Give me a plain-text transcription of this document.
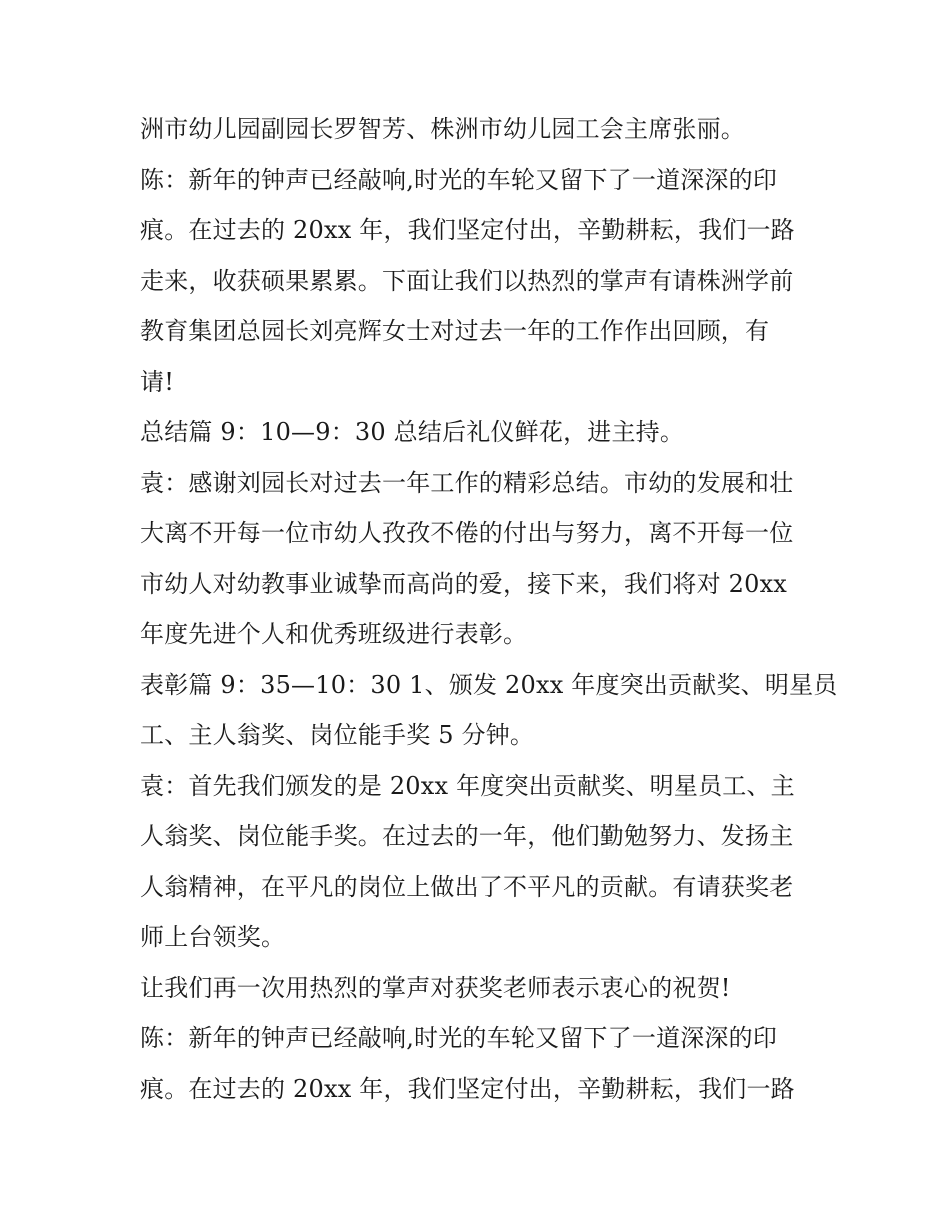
洲市幼儿园副园长罗智芳、株洲市幼儿园工会主席张丽。
陈：新年的钟声已经敲响,时光的车轮又留下了一道深深的印
痕。在过去的 20xx 年，我们坚定付出，辛勤耕耘，我们一路
走来，收获硕果累累。下面让我们以热烈的掌声有请株洲学前
教育集团总园长刘亮辉女士对过去一年的工作作出回顾，有
请!
总结篇 9：10—9：30 总结后礼仪鲜花，进主持。
袁：感谢刘园长对过去一年工作的精彩总结。市幼的发展和壮
大离不开每一位市幼人孜孜不倦的付出与努力，离不开每一位
市幼人对幼教事业诚挚而高尚的爱，接下来，我们将对 20xx
年度先进个人和优秀班级进行表彰。
表彰篇 9：35—10：30 1、颁发 20xx 年度突出贡献奖、明星员
工、主人翁奖、岗位能手奖 5 分钟。
袁：首先我们颁发的是 20xx 年度突出贡献奖、明星员工、主
人翁奖、岗位能手奖。在过去的一年，他们勤勉努力、发扬主
人翁精神，在平凡的岗位上做出了不平凡的贡献。有请获奖老
师上台领奖。
让我们再一次用热烈的掌声对获奖老师表示衷心的祝贺!
陈：新年的钟声已经敲响,时光的车轮又留下了一道深深的印
痕。在过去的 20xx 年，我们坚定付出，辛勤耕耘，我们一路
